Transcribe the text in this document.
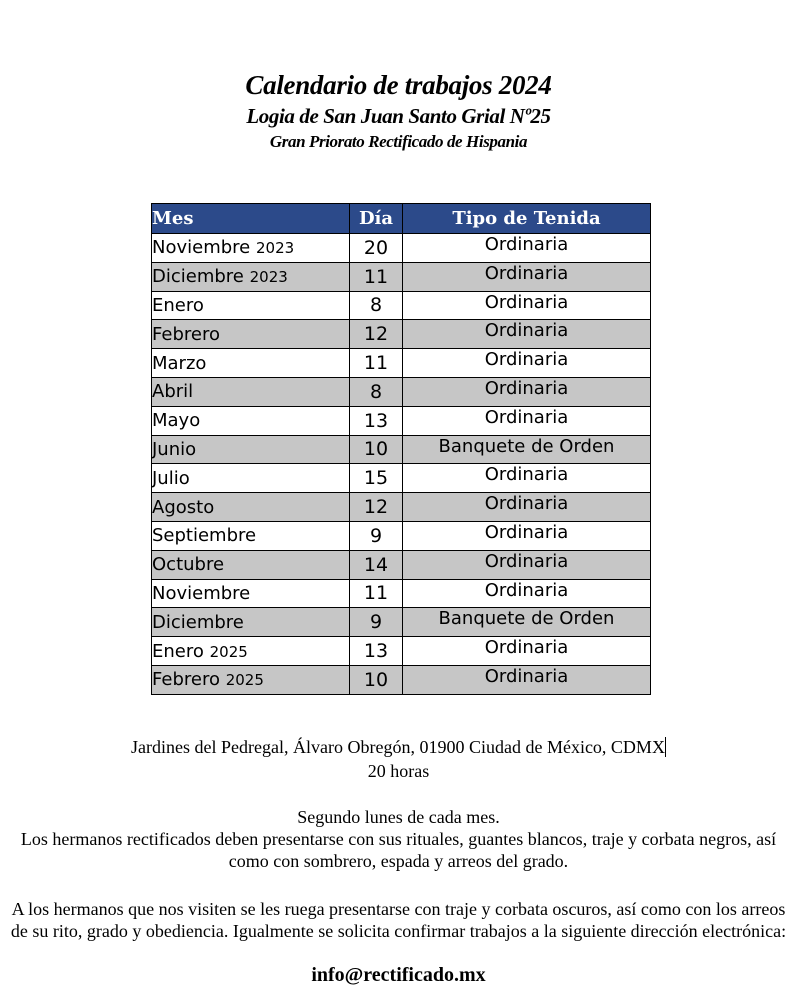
Calendario de trabajos 2024
Logia de San Juan Santo Grial Nº25
Gran Priorato Rectificado de Hispania
Mes	Día	Tipo de Tenida
Noviembre 2023	20	Ordinaria
Diciembre 2023	11	Ordinaria
Enero	8	Ordinaria
Febrero	12	Ordinaria
Marzo	11	Ordinaria
Abril	8	Ordinaria
Mayo	13	Ordinaria
Junio	10	Banquete de Orden
Julio	15	Ordinaria
Agosto	12	Ordinaria
Septiembre	9	Ordinaria
Octubre	14	Ordinaria
Noviembre	11	Ordinaria
Diciembre	9	Banquete de Orden
Enero 2025	13	Ordinaria
Febrero 2025	10	Ordinaria
Jardines del Pedregal, Álvaro Obregón, 01900 Ciudad de México, CDMX
20 horas
Segundo lunes de cada mes.
Los hermanos rectificados deben presentarse con sus rituales, guantes blancos, traje y corbata negros, así como con sombrero, espada y arreos del grado.
A los hermanos que nos visiten se les ruega presentarse con traje y corbata oscuros, así como con los arreos de su rito, grado y obediencia. Igualmente se solicita confirmar trabajos a la siguiente dirección electrónica:
info@rectificado.mx
